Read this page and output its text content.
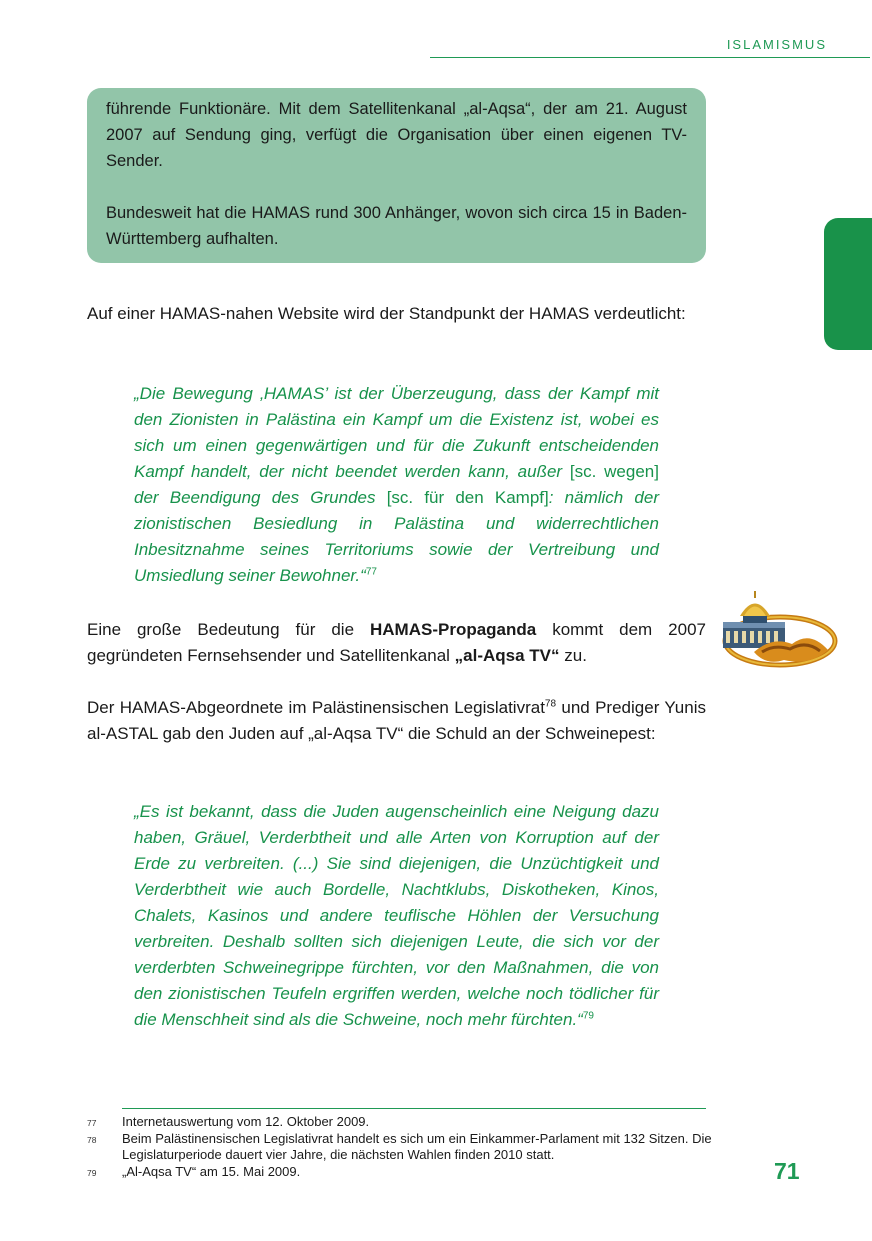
ISLAMISMUS

führende Funktionäre. Mit dem Satellitenkanal „al-Aqsa“, der am 21. August 2007 auf Sendung ging, verfügt die Organisation über einen eigenen TV-Sender.

Bundesweit hat die HAMAS rund 300 Anhänger, wovon sich circa 15 in Baden-Württemberg aufhalten.

Auf einer HAMAS-nahen Website wird der Standpunkt der HAMAS verdeutlicht:

„Die Bewegung ‚HAMAS’ ist der Überzeugung, dass der Kampf mit den Zionisten in Palästina ein Kampf um die Existenz ist, wobei es sich um einen gegenwärtigen und für die Zukunft entscheidenden Kampf handelt, der nicht beendet werden kann, außer [sc. wegen] der Beendigung des Grundes [sc. für den Kampf]: nämlich der zionistischen Besiedlung in Palästina und widerrechtlichen Inbesitznahme seines Territoriums sowie der Vertreibung und Umsiedlung seiner Bewohner.“$^{77}$

Eine große Bedeutung für die HAMAS-Propaganda kommt dem 2007 gegründeten Fernsehsender und Satellitenkanal „al-Aqsa TV“ zu.

Der HAMAS-Abgeordnete im Palästinensischen Legislativrat$^{78}$ und Prediger Yunis al-ASTAL gab den Juden auf „al-Aqsa TV“ die Schuld an der Schweinepest:

„Es ist bekannt, dass die Juden augenscheinlich eine Neigung dazu haben, Gräuel, Verderbtheit und alle Arten von Korruption auf der Erde zu verbreiten. (...) Sie sind diejenigen, die Unzüchtigkeit und Verderbtheit wie auch Bordelle, Nachtklubs, Diskotheken, Kinos, Chalets, Kasinos und andere teuflische Höhlen der Versuchung verbreiten. Deshalb sollten sich diejenigen Leute, die sich vor der verderbten Schweinegrippe fürchten, vor den Maßnahmen, die von den zionistischen Teufeln ergriffen werden, welche noch tödlicher für die Menschheit sind als die Schweine, noch mehr fürchten.“$^{79}$

77 Internetauswertung vom 12. Oktober 2009.
78 Beim Palästinensischen Legislativrat handelt es sich um ein Einkammer-Parlament mit 132 Sitzen. Die Legislaturperiode dauert vier Jahre, die nächsten Wahlen finden 2010 statt.
79 „Al-Aqsa TV“ am 15. Mai 2009.	71
